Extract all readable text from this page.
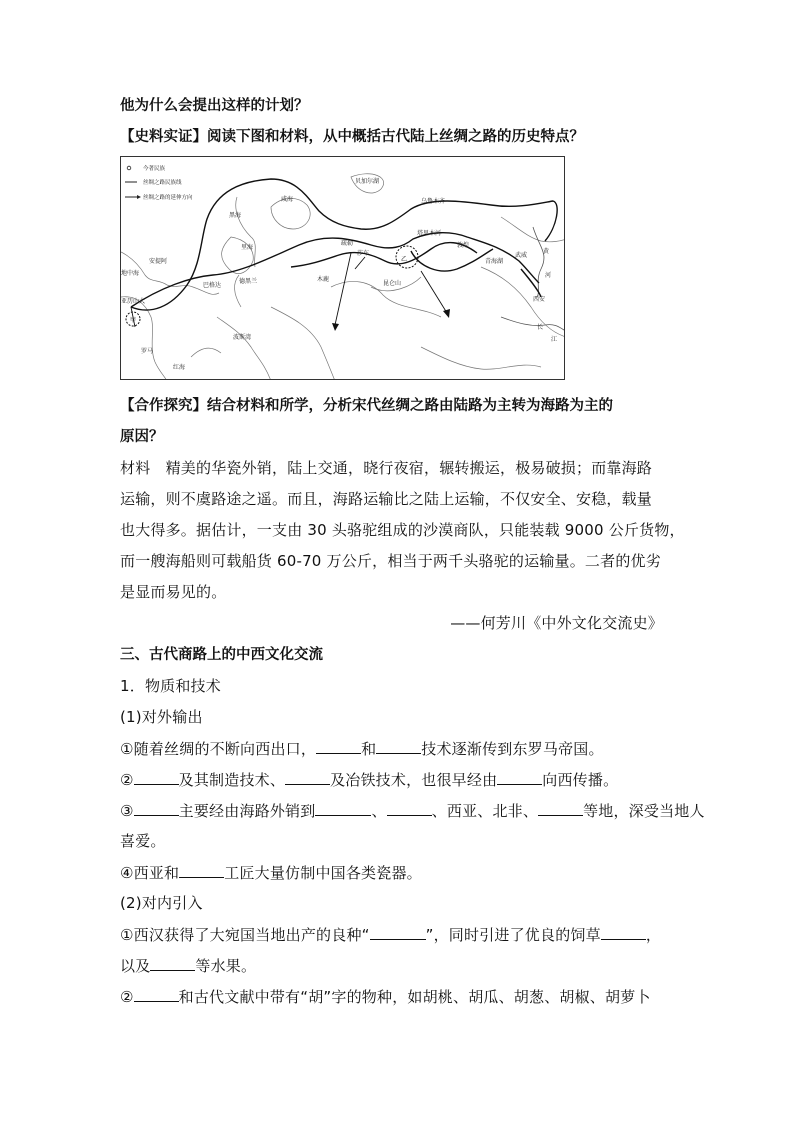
他为什么会提出这样的计划？
【史料实证】阅读下图和材料，从中概括古代陆上丝绸之路的历史特点？
今著民族
丝绸之路民族线
丝绸之路的延伸方向
黑海
咸海
里海
地中海
安提阿
亚历山大
甲
罗马
红海
波斯湾
巴格达
德黑兰	木鹿
疏勒
莎车
乙
塔里木河
昆仑山
贝加尔湖
乌鲁木齐
敦煌
青海湖
武威
西安
黄
河
长
江
【合作探究】结合材料和所学，分析宋代丝绸之路由陆路为主转为海路为主的
原因？
材料　精美的华瓷外销，陆上交通，晓行夜宿，辗转搬运，极易破损；而靠海路
运输，则不虞路途之遥。而且，海路运输比之陆上运输，不仅安全、安稳，载量
也大得多。据估计，一支由 30 头骆驼组成的沙漠商队，只能装载 9000 公斤货物，
而一艘海船则可载船货 60-70 万公斤，相当于两千头骆驼的运输量。二者的优劣
是显而易见的。
——何芳川《中外文化交流史》
三、古代商路上的中西文化交流
1．物质和技术
(1)对外输出
①随着丝绸的不断向西出口，	和	技术逐渐传到东罗马帝国。
②	及其制造技术、	及冶铁技术，也很早经由	向西传播。
③	主要经由海路外销到	、	、西亚、北非、	等地，深受当地人
喜爱。
④西亚和	工匠大量仿制中国各类瓷器。
(2)对内引入
①西汉获得了大宛国当地出产的良种“	”，同时引进了优良的饲草	，
以及	等水果。
②	和古代文献中带有“胡”字的物种，如胡桃、胡瓜、胡葱、胡椒、胡萝卜
